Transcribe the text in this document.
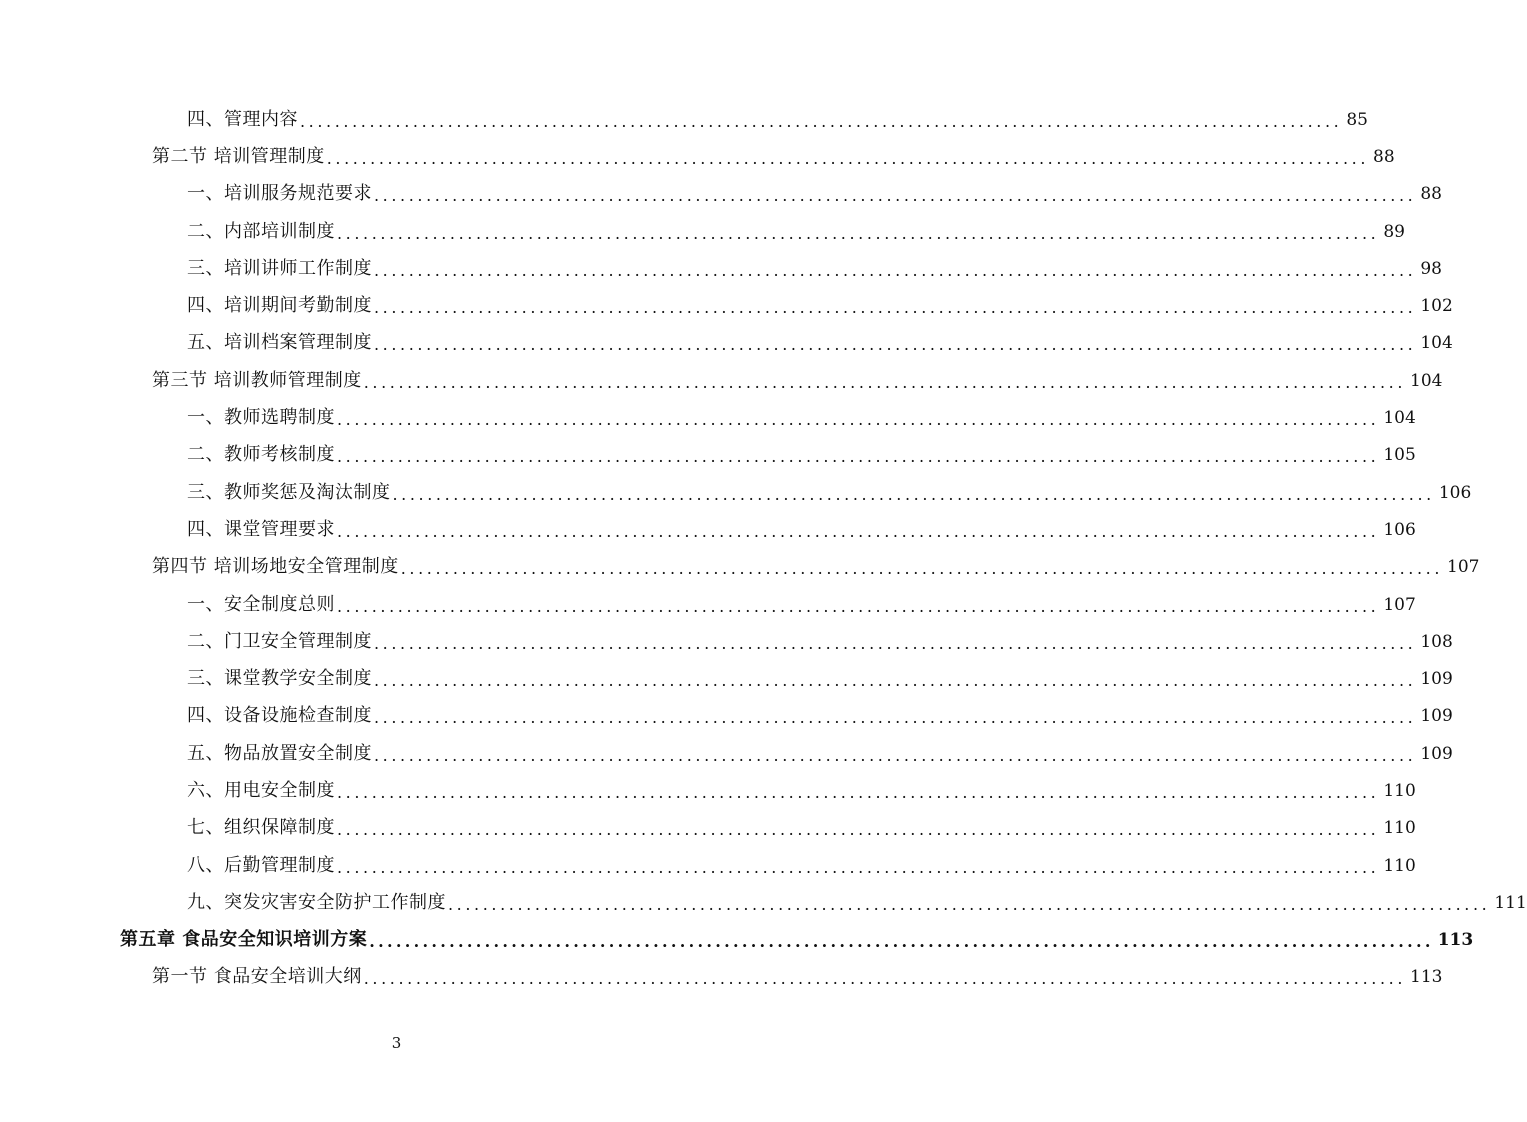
四、管理内容 ........................................................................................................................ 85
第二节 培训管理制度 ........................................................................................................................ 88
一、培训服务规范要求 ........................................................................................................................ 88
二、内部培训制度 ........................................................................................................................ 89
三、培训讲师工作制度 ........................................................................................................................ 98
四、培训期间考勤制度 ........................................................................................................................ 102
五、培训档案管理制度 ........................................................................................................................ 104
第三节 培训教师管理制度 ........................................................................................................................ 104
一、教师选聘制度 ........................................................................................................................ 104
二、教师考核制度 ........................................................................................................................ 105
三、教师奖惩及淘汰制度 ........................................................................................................................ 106
四、课堂管理要求 ........................................................................................................................ 106
第四节 培训场地安全管理制度 ........................................................................................................................ 107
一、安全制度总则 ........................................................................................................................ 107
二、门卫安全管理制度 ........................................................................................................................ 108
三、课堂教学安全制度 ........................................................................................................................ 109
四、设备设施检查制度 ........................................................................................................................ 109
五、物品放置安全制度 ........................................................................................................................ 109
六、用电安全制度 ........................................................................................................................ 110
七、组织保障制度 ........................................................................................................................ 110
八、后勤管理制度 ........................................................................................................................ 110
九、突发灾害安全防护工作制度 ........................................................................................................................ 111
第五章 食品安全知识培训方案 ........................................................................................................................ 113
第一节 食品安全培训大纲 ........................................................................................................................ 113
3
